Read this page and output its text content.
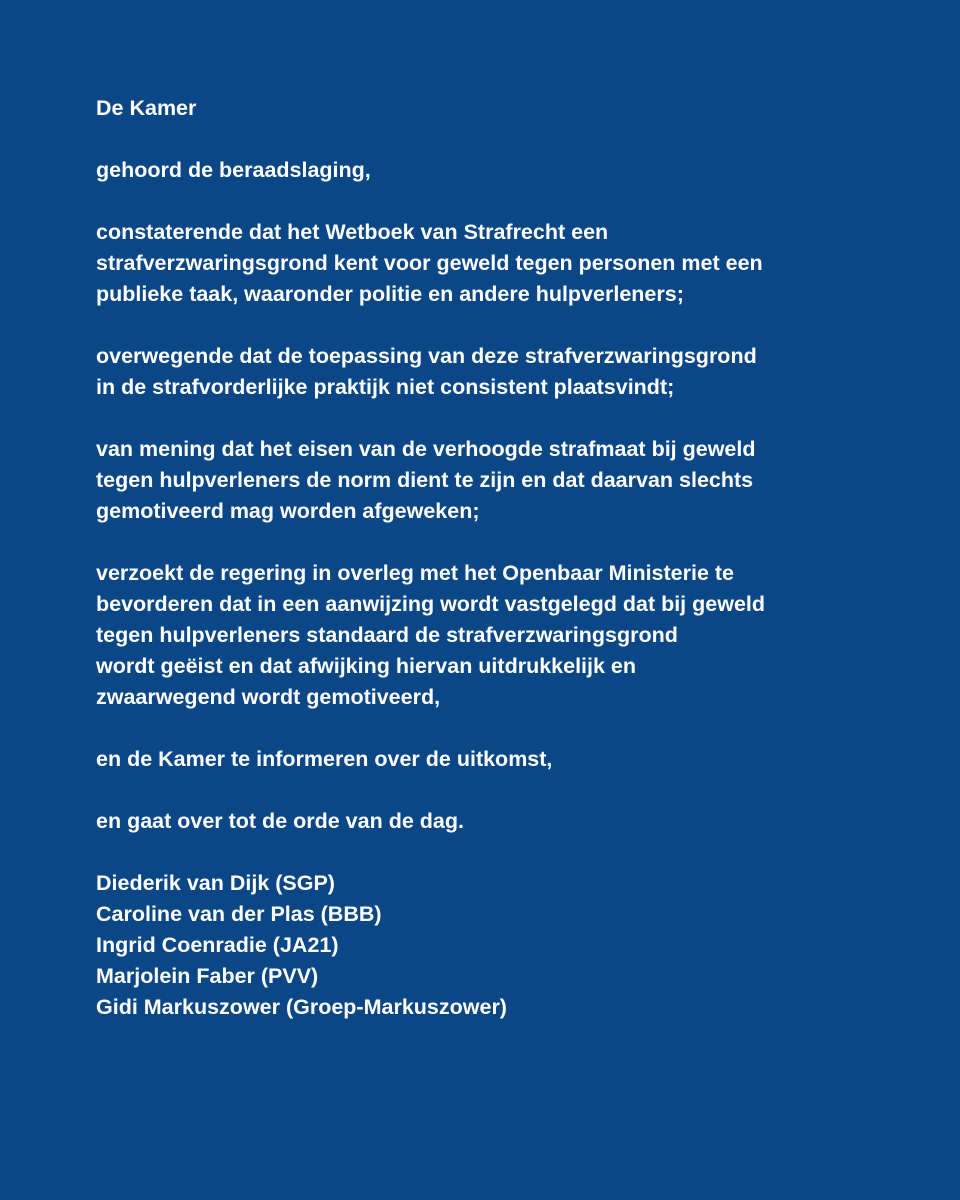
De Kamer

gehoord de beraadslaging,

constaterende dat het Wetboek van Strafrecht een
strafverzwaringsgrond kent voor geweld tegen personen met een
publieke taak, waaronder politie en andere hulpverleners;

overwegende dat de toepassing van deze strafverzwaringsgrond
in de strafvorderlijke praktijk niet consistent plaatsvindt;

van mening dat het eisen van de verhoogde strafmaat bij geweld
tegen hulpverleners de norm dient te zijn en dat daarvan slechts
gemotiveerd mag worden afgeweken;

verzoekt de regering in overleg met het Openbaar Ministerie te
bevorderen dat in een aanwijzing wordt vastgelegd dat bij geweld
tegen hulpverleners standaard de strafverzwaringsgrond
wordt geëist en dat afwijking hiervan uitdrukkelijk en
zwaarwegend wordt gemotiveerd,

en de Kamer te informeren over de uitkomst,

en gaat over tot de orde van de dag.

Diederik van Dijk (SGP)
Caroline van der Plas (BBB)
Ingrid Coenradie (JA21)
Marjolein Faber (PVV)
Gidi Markuszower (Groep-Markuszower)
